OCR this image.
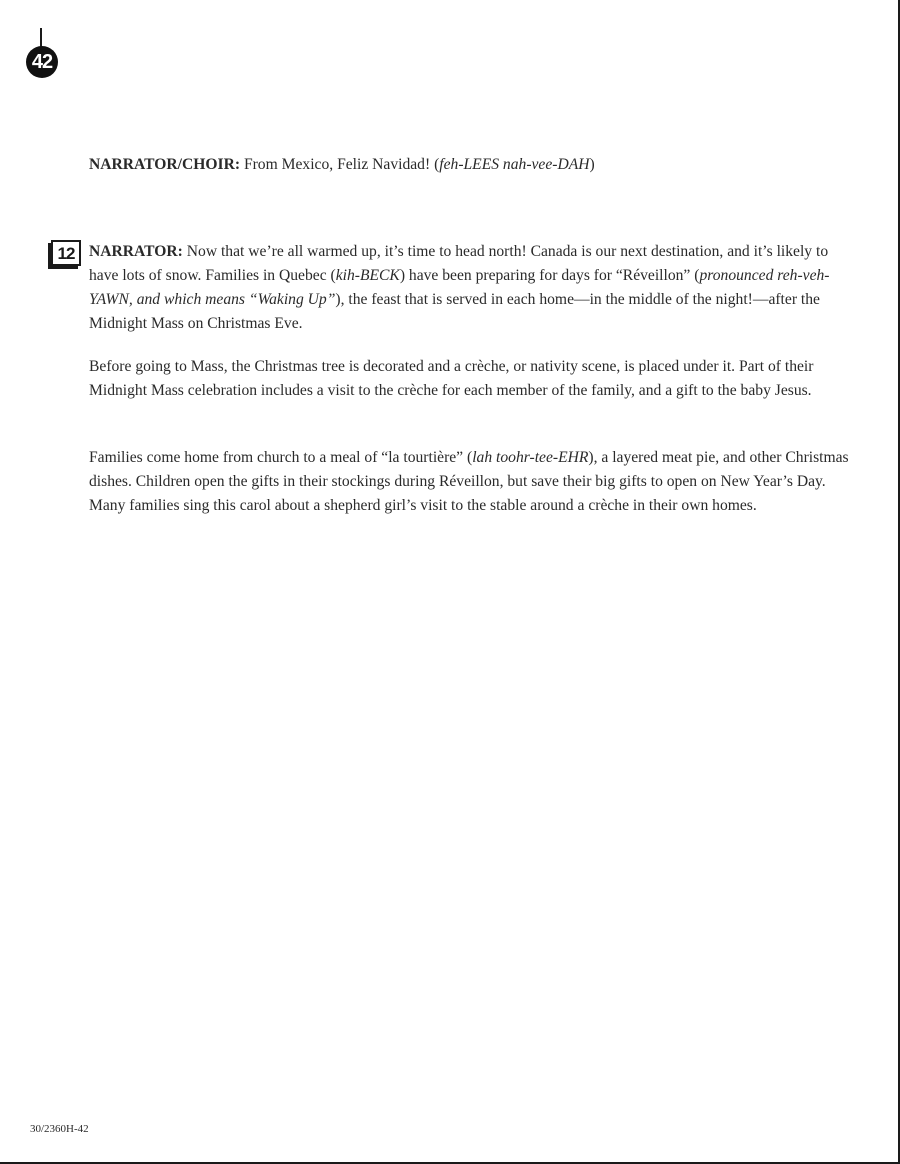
42

NARRATOR/CHOIR: From Mexico, Feliz Navidad! (feh-LEES nah-vee-DAH)

12 NARRATOR: Now that we’re all warmed up, it’s time to head north! Canada is our next destination, and it’s likely to have lots of snow. Families in Quebec (kih-BECK) have been preparing for days for “Réveillon” (pronounced reh-veh-YAWN, and which means “Waking Up”), the feast that is served in each home—in the middle of the night!—after the Midnight Mass on Christmas Eve.

Before going to Mass, the Christmas tree is decorated and a crèche, or nativity scene, is placed under it. Part of their Midnight Mass celebration includes a visit to the crèche for each member of the family, and a gift to the baby Jesus.

Families come home from church to a meal of “la tourtière” (lah toohr-tee-EHR), a layered meat pie, and other Christmas dishes. Children open the gifts in their stockings during Réveillon, but save their big gifts to open on New Year’s Day. Many families sing this carol about a shepherd girl’s visit to the stable around a crèche in their own homes.

30/2360H-42
